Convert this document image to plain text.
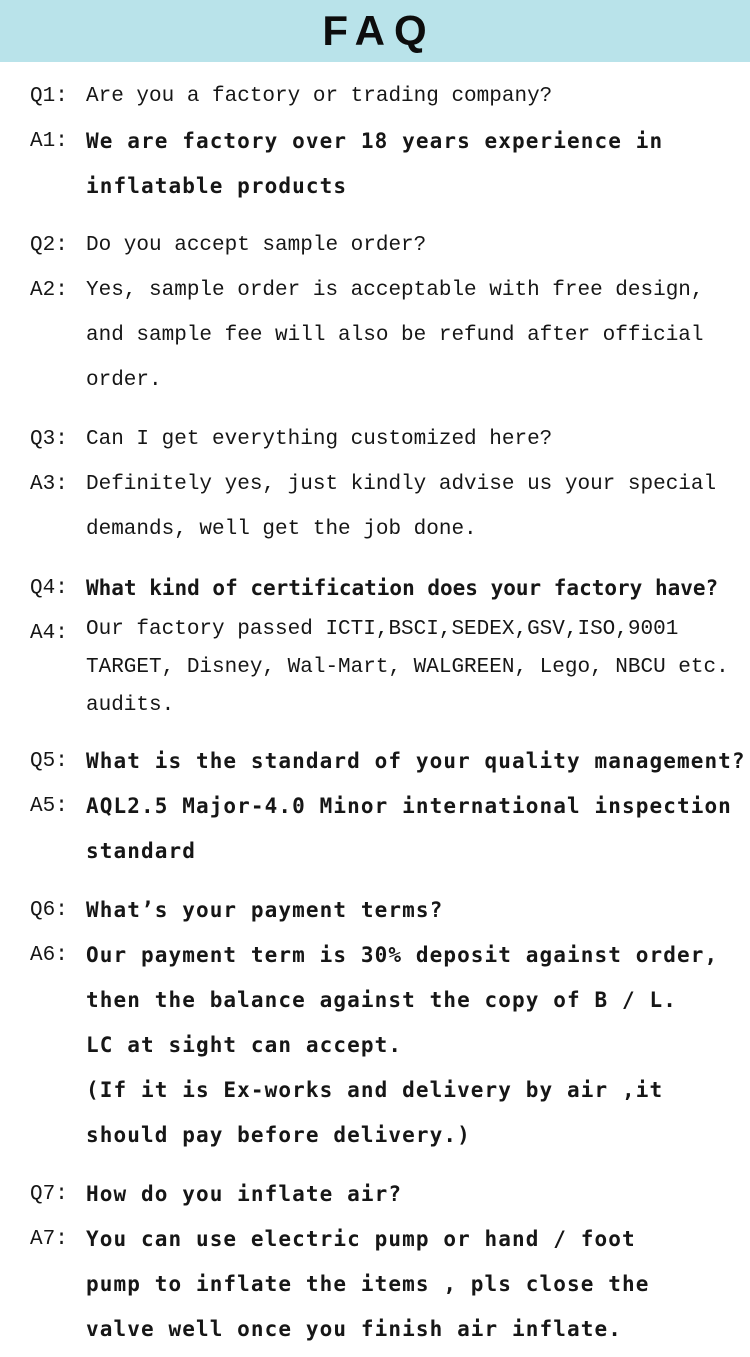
FAQ
Q1: Are you a factory or trading company?
A1: We are factory over 18 years experience in
inflatable products
Q2: Do you accept sample order?
A2: Yes, sample order is acceptable with free design,
and sample fee will also be refund after official
order.
Q3: Can I get everything customized here?
A3: Definitely yes, just kindly advise us your special
demands, well get the job done.
Q4: What kind of certification does your factory have?
A4: Our factory passed ICTI,BSCI,SEDEX,GSV,ISO,9001
TARGET, Disney, Wal-Mart, WALGREEN, Lego, NBCU etc.
audits.
Q5: What is the standard of your quality management?
A5: AQL2.5 Major-4.0 Minor international inspection
standard
Q6: What’s your payment terms?
A6: Our payment term is 30% deposit against order,
then the balance against the copy of B / L.
LC at sight can accept.
(If it is Ex-works and delivery by air ,it
should pay before delivery.)
Q7: How do you inflate air?
A7: You can use electric pump or hand / foot
pump to inflate the items , pls close the
valve well once you finish air inflate.
